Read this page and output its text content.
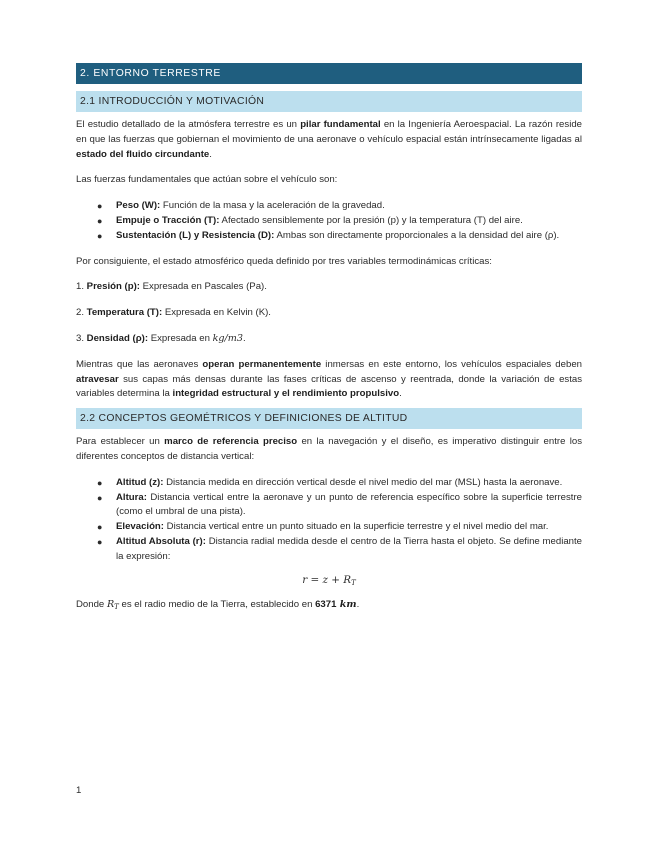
2. ENTORNO TERRESTRE
2.1 INTRODUCCIÓN Y MOTIVACIÓN

El estudio detallado de la atmósfera terrestre es un pilar fundamental en la Ingeniería Aeroespacial. La razón reside en que las fuerzas que gobiernan el movimiento de una aeronave o vehículo espacial están intrínsecamente ligadas al estado del fluido circundante.

Las fuerzas fundamentales que actúan sobre el vehículo son:

● Peso (W): Función de la masa y la aceleración de la gravedad.
● Empuje o Tracción (T): Afectado sensiblemente por la presión (p) y la temperatura (T) del aire.
● Sustentación (L) y Resistencia (D): Ambas son directamente proporcionales a la densidad del aire (ρ).

Por consiguiente, el estado atmosférico queda definido por tres variables termodinámicas críticas:

1. Presión (p): Expresada en Pascales (Pa).

2. Temperatura (T): Expresada en Kelvin (K).

3. Densidad (ρ): Expresada en kg/m3.

Mientras que las aeronaves operan permanentemente inmersas en este entorno, los vehículos espaciales deben atravesar sus capas más densas durante las fases críticas de ascenso y reentrada, donde la variación de estas variables determina la integridad estructural y el rendimiento propulsivo.

2.2 CONCEPTOS GEOMÉTRICOS Y DEFINICIONES DE ALTITUD

Para establecer un marco de referencia preciso en la navegación y el diseño, es imperativo distinguir entre los diferentes conceptos de distancia vertical:

● Altitud (z): Distancia medida en dirección vertical desde el nivel medio del mar (MSL) hasta la aeronave.
● Altura: Distancia vertical entre la aeronave y un punto de referencia específico sobre la superficie terrestre (como el umbral de una pista).
● Elevación: Distancia vertical entre un punto situado en la superficie terrestre y el nivel medio del mar.
● Altitud Absoluta (r): Distancia radial medida desde el centro de la Tierra hasta el objeto. Se define mediante la expresión:

$r = z + R_T$

Donde $R_T$ es el radio medio de la Tierra, establecido en 6371 km.

1
